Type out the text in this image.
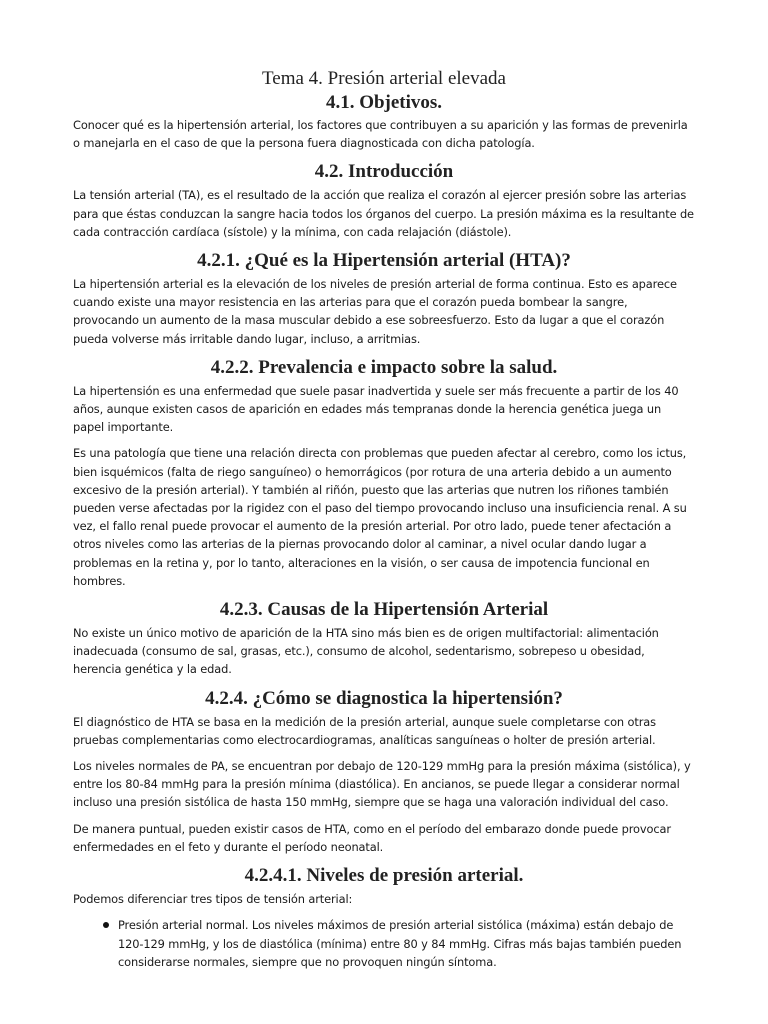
Tema 4. Presión arterial elevada
4.1. Objetivos.

Conocer qué es la hipertensión arterial, los factores que contribuyen a su aparición y las formas de prevenirla o manejarla en el caso de que la persona fuera diagnosticada con dicha patología.

4.2. Introducción

La tensión arterial (TA), es el resultado de la acción que realiza el corazón al ejercer presión sobre las arterias para que éstas conduzcan la sangre hacia todos los órganos del cuerpo. La presión máxima es la resultante de cada contracción cardíaca (sístole) y la mínima, con cada relajación (diástole).

4.2.1. ¿Qué es la Hipertensión arterial (HTA)?

La hipertensión arterial es la elevación de los niveles de presión arterial de forma continua. Esto es aparece cuando existe una mayor resistencia en las arterias para que el corazón pueda bombear la sangre, provocando un aumento de la masa muscular debido a ese sobreesfuerzo. Esto da lugar a que el corazón pueda volverse más irritable dando lugar, incluso, a arritmias.

4.2.2. Prevalencia e impacto sobre la salud.

La hipertensión es una enfermedad que suele pasar inadvertida y suele ser más frecuente a partir de los 40 años, aunque existen casos de aparición en edades más tempranas donde la herencia genética juega un papel importante.

Es una patología que tiene una relación directa con problemas que pueden afectar al cerebro, como los ictus, bien isquémicos (falta de riego sanguíneo) o hemorrágicos (por rotura de una arteria debido a un aumento excesivo de la presión arterial). Y también al riñón, puesto que las arterias que nutren los riñones también pueden verse afectadas por la rigidez con el paso del tiempo provocando incluso una insuficiencia renal. A su vez, el fallo renal puede provocar el aumento de la presión arterial. Por otro lado, puede tener afectación a otros niveles como las arterias de la piernas provocando dolor al caminar, a nivel ocular dando lugar a problemas en la retina y, por lo tanto, alteraciones en la visión, o ser causa de impotencia funcional en hombres.

4.2.3. Causas de la Hipertensión Arterial

No existe un único motivo de aparición de la HTA sino más bien es de origen multifactorial: alimentación inadecuada (consumo de sal, grasas, etc.), consumo de alcohol, sedentarismo, sobrepeso u obesidad, herencia genética y la edad.

4.2.4. ¿Cómo se diagnostica la hipertensión?

El diagnóstico de HTA se basa en la medición de la presión arterial, aunque suele completarse con otras pruebas complementarias como electrocardiogramas, analíticas sanguíneas o holter de presión arterial.

Los niveles normales de PA, se encuentran por debajo de 120-129 mmHg para la presión máxima (sistólica), y entre los 80-84 mmHg para la presión mínima (diastólica). En ancianos, se puede llegar a considerar normal incluso una presión sistólica de hasta 150 mmHg, siempre que se haga una valoración individual del caso.

De manera puntual, pueden existir casos de HTA, como en el período del embarazo donde puede provocar enfermedades en el feto y durante el período neonatal.

4.2.4.1. Niveles de presión arterial.

Podemos diferenciar tres tipos de tensión arterial:

Presión arterial normal. Los niveles máximos de presión arterial sistólica (máxima) están debajo de 120-129 mmHg, y los de diastólica (mínima) entre 80 y 84 mmHg. Cifras más bajas también pueden considerarse normales, siempre que no provoquen ningún síntoma.
